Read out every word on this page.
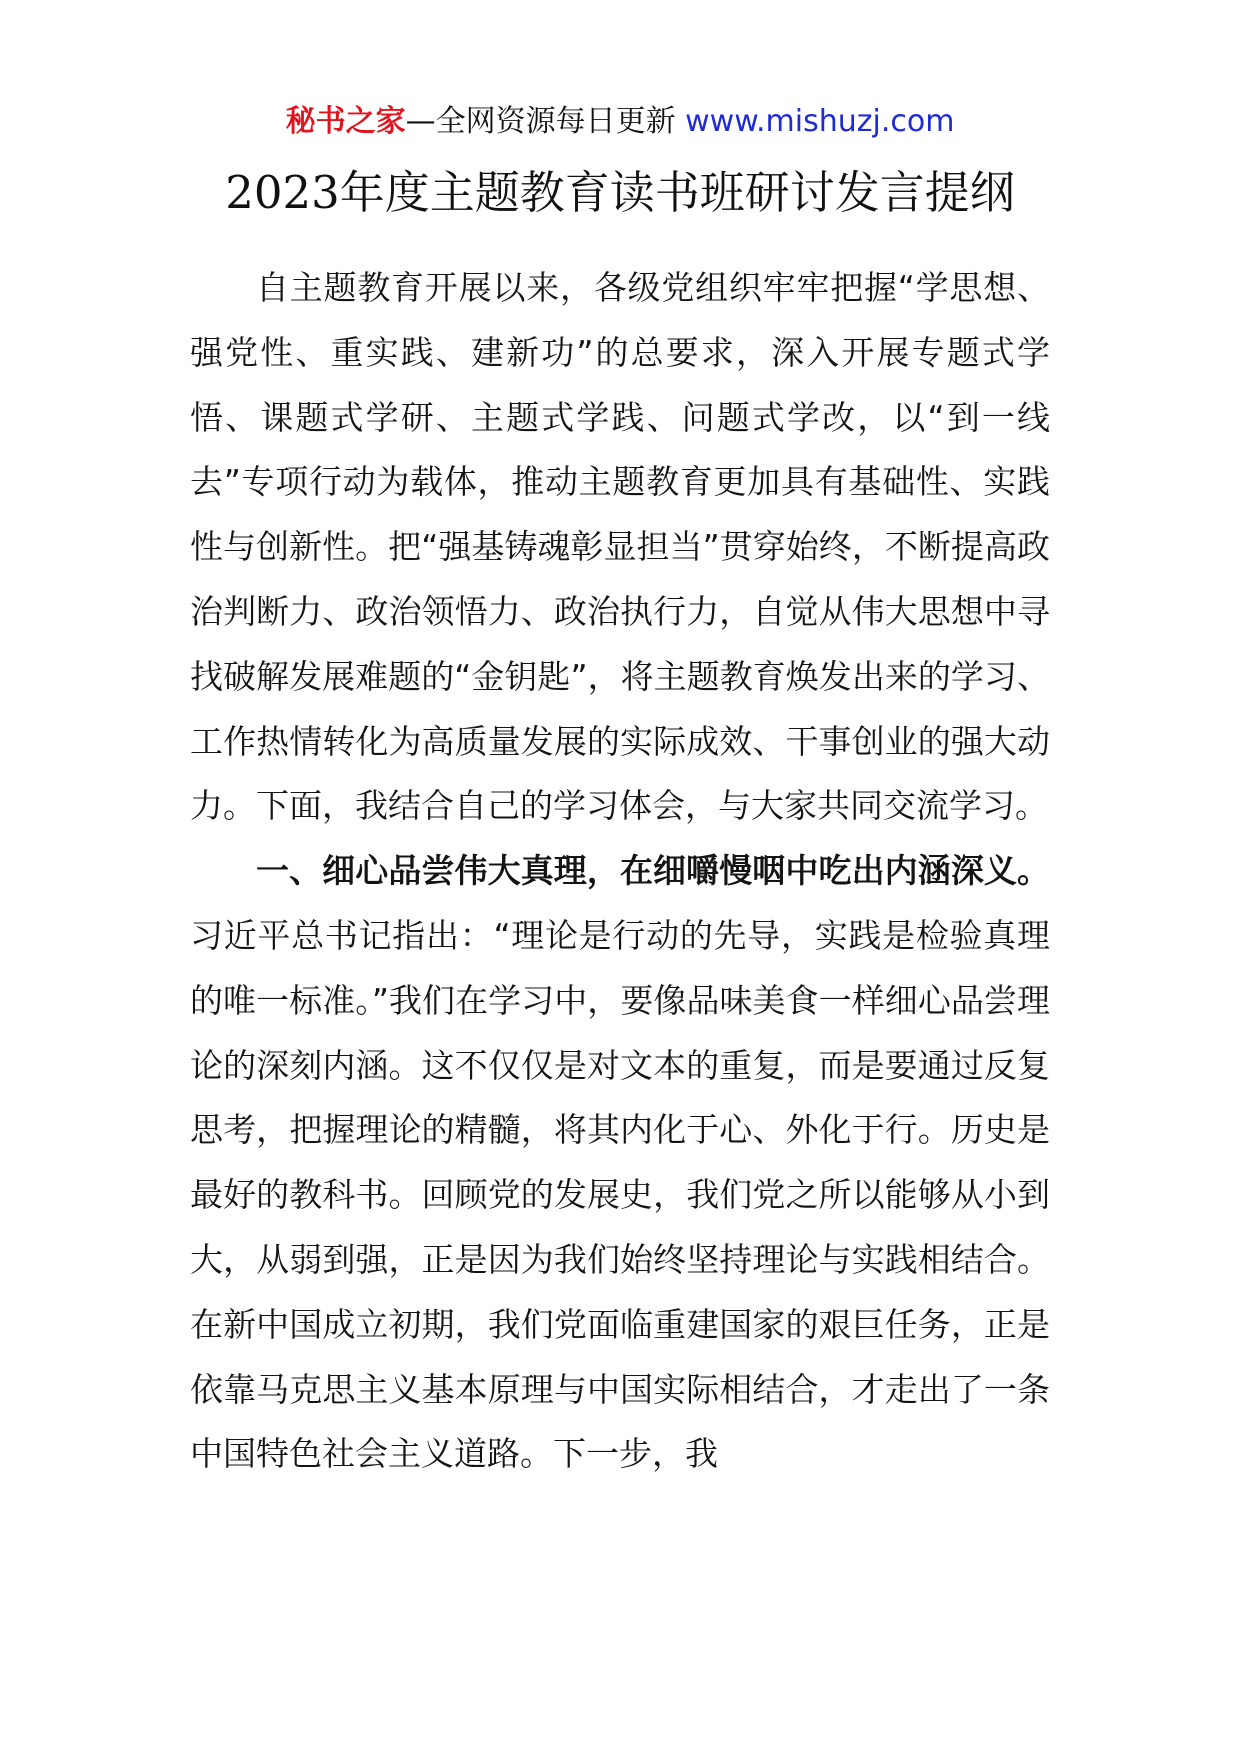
秘书之家—全网资源每日更新 www.mishuzj.com
2023年度主题教育读书班研讨发言提纲

自主题教育开展以来，各级党组织牢牢把握“学思想、强党性、重实践、建新功”的总要求，深入开展专题式学悟、课题式学研、主题式学践、问题式学改，以“到一线去”专项行动为载体，推动主题教育更加具有基础性、实践性与创新性。把“强基铸魂彰显担当”贯穿始终，不断提高政治判断力、政治领悟力、政治执行力，自觉从伟大思想中寻找破解发展难题的“金钥匙”，将主题教育焕发出来的学习、工作热情转化为高质量发展的实际成效、干事创业的强大动力。下面，我结合自己的学习体会，与大家共同交流学习。

一、细心品尝伟大真理，在细嚼慢咽中吃出内涵深义。习近平总书记指出：“理论是行动的先导，实践是检验真理的唯一标准。”我们在学习中，要像品味美食一样细心品尝理论的深刻内涵。这不仅仅是对文本的重复，而是要通过反复思考，把握理论的精髓，将其内化于心、外化于行。历史是最好的教科书。回顾党的发展史，我们党之所以能够从小到大，从弱到强，正是因为我们始终坚持理论与实践相结合。在新中国成立初期，我们党面临重建国家的艰巨任务，正是依靠马克思主义基本原理与中国实际相结合，才走出了一条中国特色社会主义道路。下一步，我
